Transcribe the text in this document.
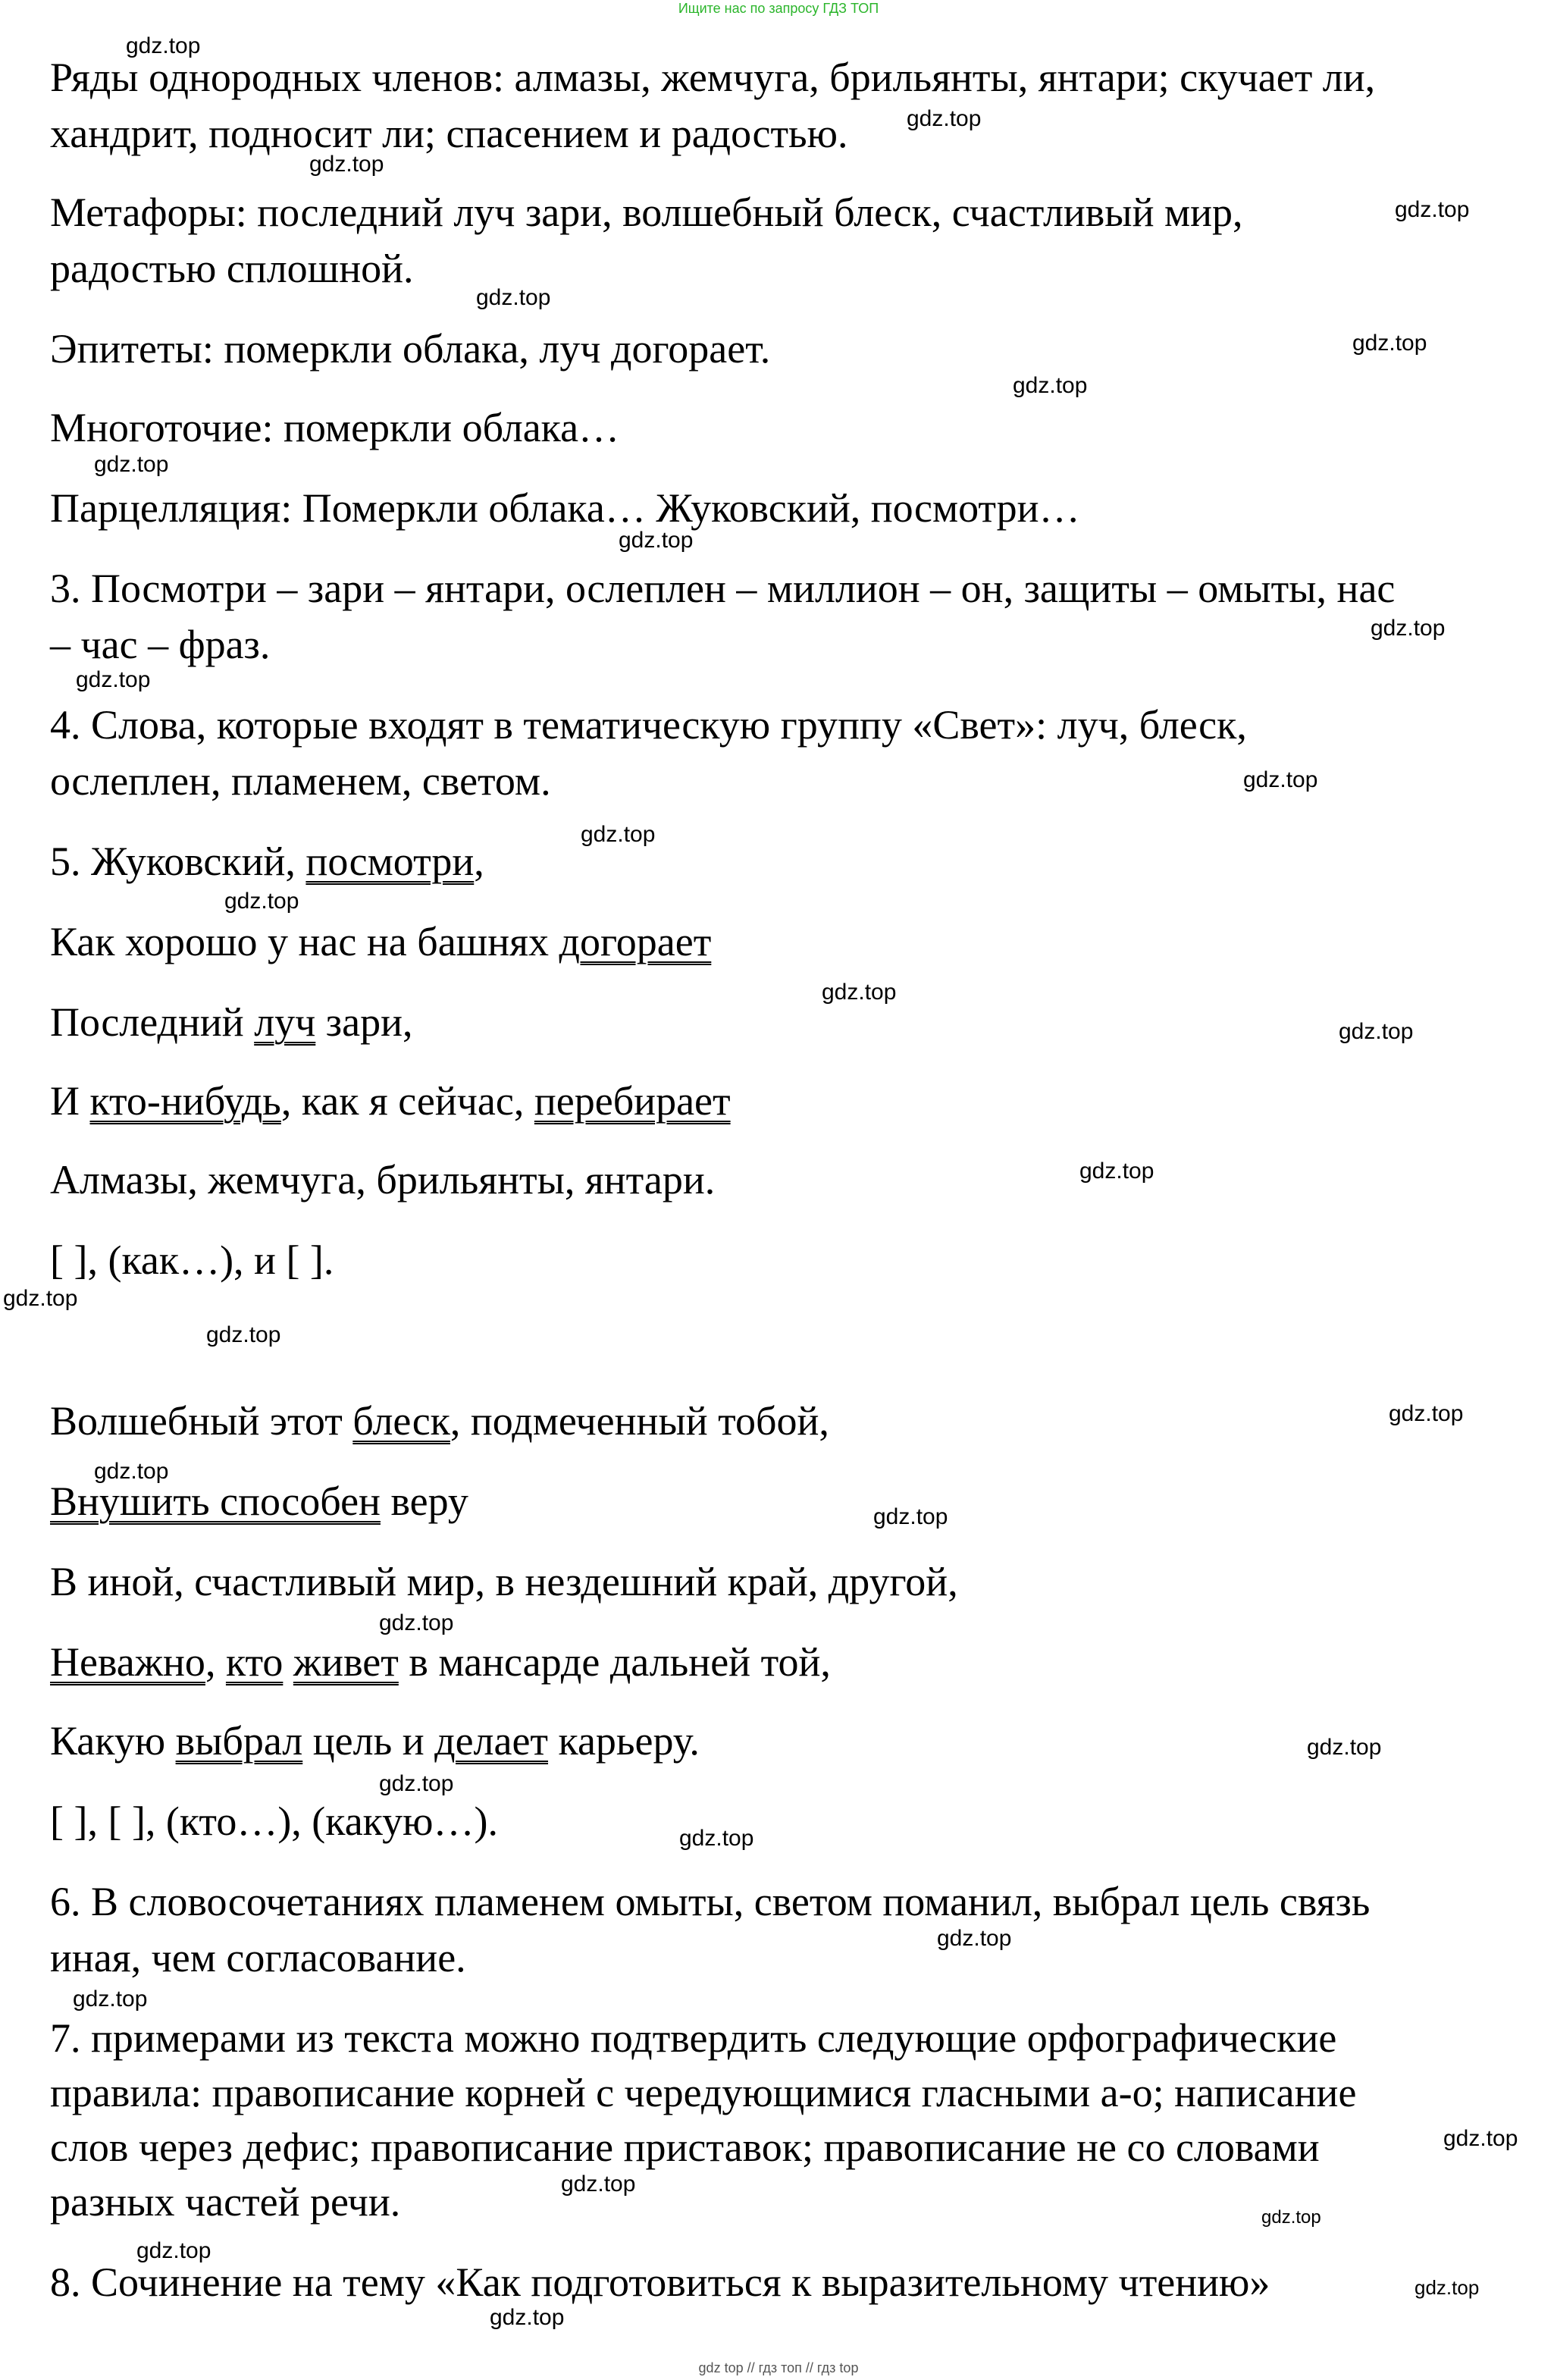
Ищите нас по запросу ГДЗ ТОП
Ряды однородных членов: алмазы, жемчуга, брильянты, янтари; скучает ли,
хандрит, подносит ли; спасением и радостью.
Метафоры: последний луч зари, волшебный блеск, счастливый мир,
радостью сплошной.
Эпитеты: померкли облака, луч догорает.
Многоточие: померкли облака…
Парцелляция: Померкли облака… Жуковский, посмотри…
3. Посмотри – зари – янтари, ослеплен – миллион – он, защиты – омыты, нас
– час – фраз.
4. Слова, которые входят в тематическую группу «Свет»: луч, блеск,
ослеплен, пламенем, светом.
5. Жуковский, посмотри,
Как хорошо у нас на башнях догорает
Последний луч зари,
И кто-нибудь, как я сейчас, перебирает
Алмазы, жемчуга, брильянты, янтари.
[ ], (как…), и [ ].
Волшебный этот блеск, подмеченный тобой,
Внушить способен веру
В иной, счастливый мир, в нездешний край, другой,
Неважно, кто живет в мансарде дальней той,
Какую выбрал цель и делает карьеру.
[ ], [ ], (кто…), (какую…).
6. В словосочетаниях пламенем омыты, светом поманил, выбрал цель связь
иная, чем согласование.
7. примерами из текста можно подтвердить следующие орфографические
правила: правописание корней с чередующимися гласными а-о; написание
слов через дефис; правописание приставок; правописание не со словами
разных частей речи.
8. Сочинение на тему «Как подготовиться к выразительному чтению»
gdz.top
gdz.top
gdz.top
gdz.top
gdz.top
gdz.top
gdz.top
gdz.top
gdz.top
gdz.top
gdz.top
gdz.top
gdz.top
gdz.top
gdz.top
gdz.top
gdz.top
gdz.top
gdz.top
gdz.top
gdz.top
gdz.top
gdz.top
gdz.top
gdz.top
gdz.top
gdz.top
gdz.top
gdz.top
gdz.top
gdz.top
gdz.top
gdz.top
gdz.top
gdz top // гдз топ // гдз top
